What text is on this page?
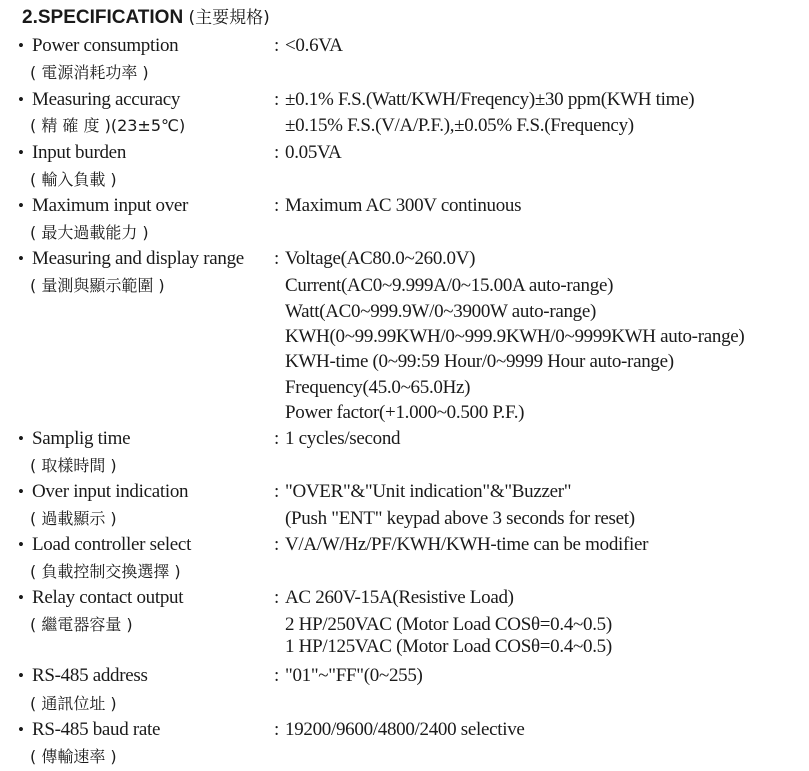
2.SPECIFICATION (主要規格)
• Power consumption	: <0.6VA
( 電源消耗功率 )
• Measuring accuracy	: ±0.1% F.S.(Watt/KWH/Freqency)±30 ppm(KWH time)
( 精 確 度 )(23±5℃)	±0.15% F.S.(V/A/P.F.),±0.05% F.S.(Frequency)
• Input burden	: 0.05VA
( 輸入負載 )
• Maximum input over	: Maximum AC 300V continuous
( 最大過載能力 )
• Measuring and display range : Voltage(AC80.0~260.0V)
( 量測與顯示範圍 )	Current(AC0~9.999A/0~15.00A auto-range)
Watt(AC0~999.9W/0~3900W auto-range)
KWH(0~99.99KWH/0~999.9KWH/0~9999KWH auto-range)
KWH-time (0~99:59 Hour/0~9999 Hour auto-range)
Frequency(45.0~65.0Hz)
Power factor(+1.000~0.500 P.F.)
• Samplig time	: 1 cycles/second
( 取樣時間 )
• Over input indication	: "OVER"&"Unit indication"&"Buzzer"
( 過載顯示 )	(Push "ENT" keypad above 3 seconds for reset)
• Load controller select	: V/A/W/Hz/PF/KWH/KWH-time can be modifier
( 負載控制交換選擇 )
• Relay contact output	: AC 260V-15A(Resistive Load)
( 繼電器容量 )	2 HP/250VAC (Motor Load COSθ=0.4~0.5)
1 HP/125VAC (Motor Load COSθ=0.4~0.5)
• RS-485 address	: "01"~"FF"(0~255)
( 通訊位址 )
• RS-485 baud rate	: 19200/9600/4800/2400 selective
( 傳輸速率 )
